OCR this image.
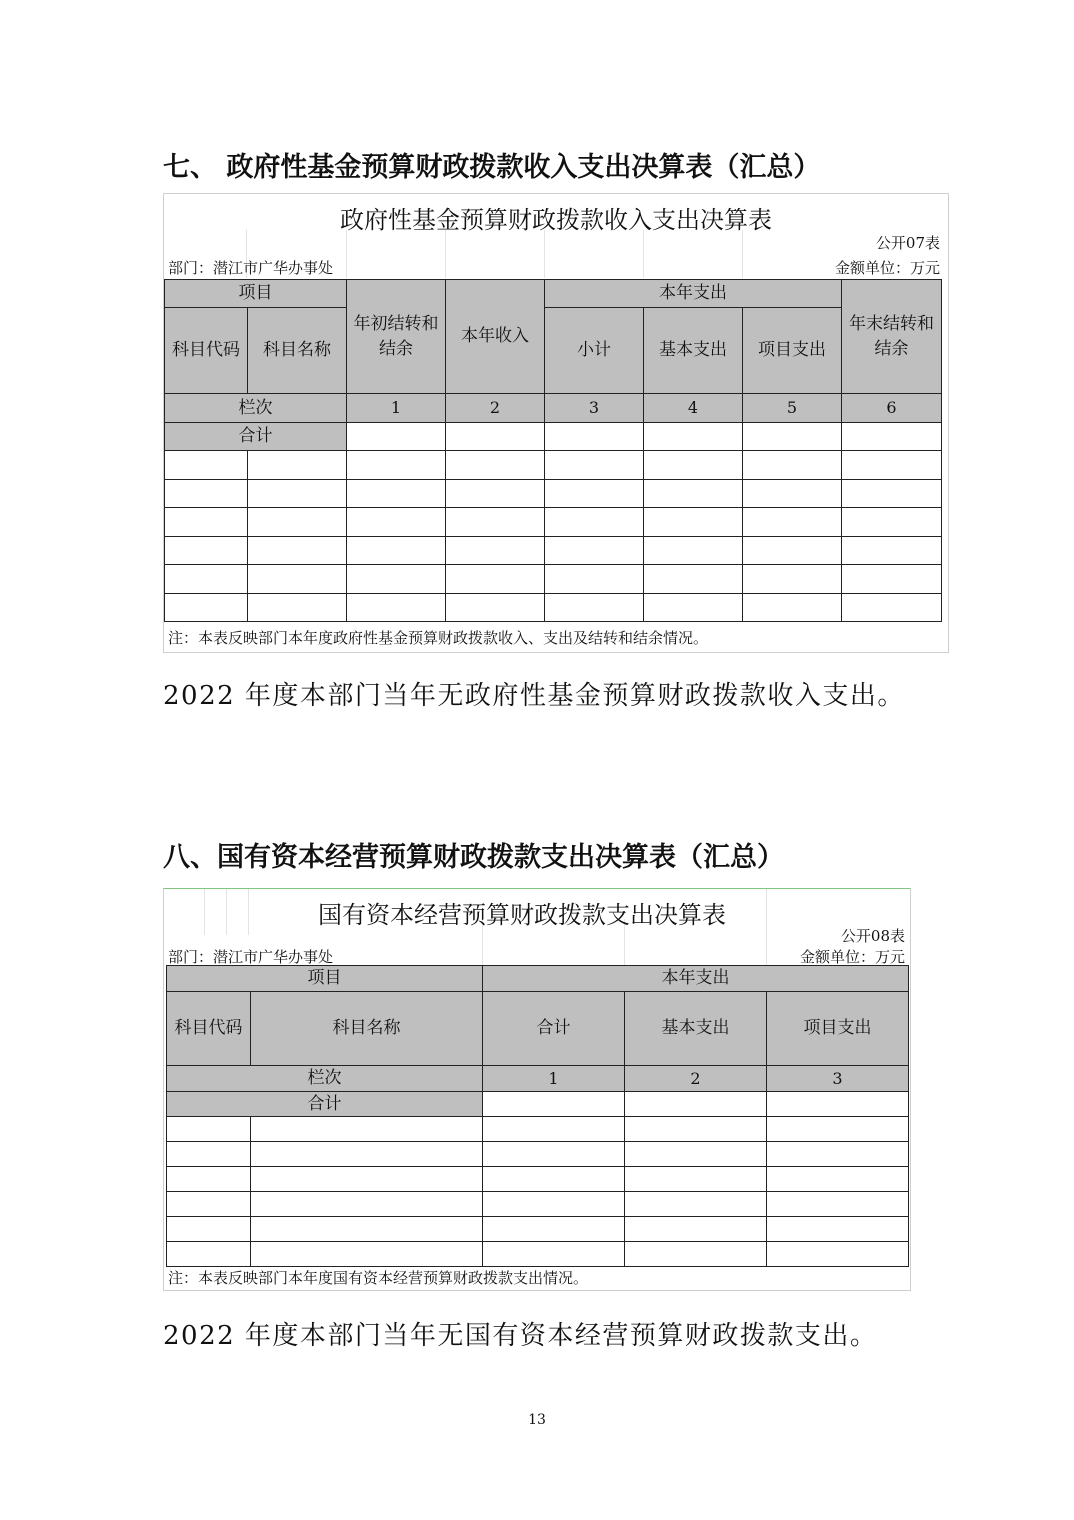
七、 政府性基金预算财政拨款收入支出决算表（汇总）
政府性基金预算财政拨款收入支出决算表
公开07表
部门：潜江市广华办事处	金额单位：万元
项目		年初结转和结余	本年收入	本年支出			年末结转和结余
科目代码	科目名称			小计	基本支出	项目支出	
栏次		1	2	3	4	5	6
合计							

注：本表反映部门本年度政府性基金预算财政拨款收入、支出及结转和结余情况。

2022 年度本部门当年无政府性基金预算财政拨款收入支出。

八、国有资本经营预算财政拨款支出决算表（汇总）
国有资本经营预算财政拨款支出决算表
公开08表
部门：潜江市广华办事处	金额单位：万元
项目		本年支出		
科目代码	科目名称	合计	基本支出	项目支出
栏次		1	2	3
合计				

注：本表反映部门本年度国有资本经营预算财政拨款支出情况。

2022 年度本部门当年无国有资本经营预算财政拨款支出。

13
